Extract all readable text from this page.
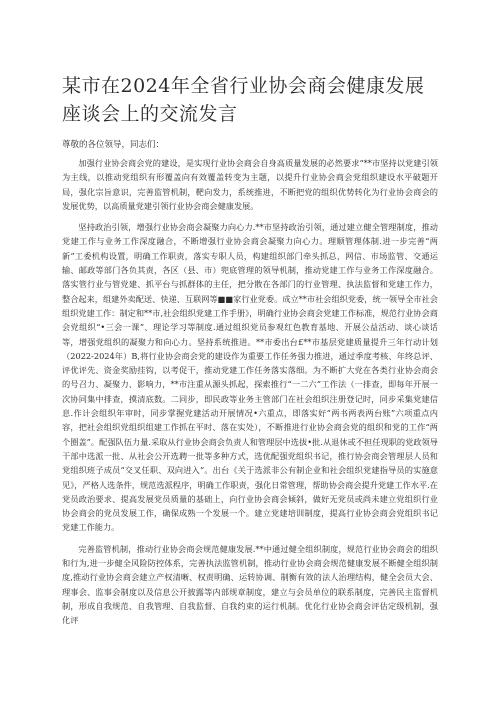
某市在2024年全省行业协会商会健康发展座谈会上的交流发言

尊敬的各位领导，同志们：

加强行业协会商会党的建设，是实现行业协会商会自身高质量发展的必然要求“**市坚持以党建引领为主线，以推动党组织有形覆盖向有效覆盖转变为主题，以提升行业协会商会党组织建设水平破题开局，强化宗旨意识，完善监管机制，靶向发力，系统推进，不断把党的组织优势转化为行业协会商会的发展优势，以高质量党建引领行业协会商会健康发展。

坚持政治引领，增强行业协会商会凝聚力向心力.**市坚持政治引领，通过建立健全管理制度，推动党建工作与业务工作深度融合，不断增强行业协会商会凝聚力向心力。理顺管理体制.进一步完善“两新”工委机构设置，明确工作职责，落实专职人员，构建组织部门牵头抓总，网信、市场监管、交通运输、邮政等部门各负其责，各区（县、市）兜底管理的领导机制，推动党建工作与业务工作深度融合。落实管行业与管党建、抓平台与抓群体的主任，把分散在各部门的行业管理、执法监督和党建工作力，整合起来，组建外卖配送、快递、互联网等■■家行业党委。成立**市社会组织党委，统一领导全市社会组织党建工作：制定和**市,社会组织党建工作手册》，明确行业协会商会党建工作标准，规范行业协会商会党组织“•三会一课”、理论学习等制度.通过组织党员参观红色教育基地、开展公益活动、谈心谈话等，增强党组织的凝聚力和向心力。坚持系统推进。**市委出台£**市基层党建质量提升三年行动计划（2022-2024年）B,将行业协会商会党的建设作为重要工作任务强力推进，通过季度考核、年终总评、评优评先、资金奖励挂钩，以考促干，推动党建工作任务落实落细。为不断扩大党在各类行业协会商会的号召力、凝聚力、影响力，**市注重从源头抓起，探索推行“一二六”工作法（一排查，即每年开展一次协同集中排查，摸清底数。二同步，即民政等业务主管部门在社会组织注册登记时，同步采集党建信息.作计会组织年审时，同步掌握党建活动开展情况•六重点，即落实好“两书两表两台账”六项重点内容，把社会组织党组织组建工作抓在平时、落在实处），不断推进行业协会商会党的组织和党的工作“两个圈盖”。配强队伍力量.采取从行业协会商会负责人和管理层中选拔•批.从退休或不担任现职的党政领导干部中选派一批、从社会公开选聘一批等多种方式，选优配强党组织书记，推行协会商会管理层人员和党组织班子成员“交叉任职、双向进入”。出台《关于选派非公有制企业和社会组织党建指导员的实施意见》，严格人选条件，规范选派程序，明确工作职责，强化日常管理，帮助协会商会提升党建工作水平.在党员政治要求、提高发展党员质量的基础上，向行业协会商会倾斜，做好无党员或尚未建立党组织行业协会商会的党员发展工作，确保成熟一个发展一个。建立党建培训制度，提高行业协会商会党组织书记党建工作能力。

完善监管机制，推动行业协会商会规范健康发展.**中通过健全组织制度，规范行业协会商会的组织和行为,进一步健全风险防控体系，完善执法监管机制，推动行业协会商会规范健康发展不断健全组织制度,推动行业协会商会建立产权清晰、权责明确、运转协调、制衡有效的法人治理结构，健全会员大会、理事会、监事会制度以及信息公开披露等内部规章制度，建立与会员单位的联系制度，完善民主监督机制，形成自我规范、自我管理、自我监督、自我约束的运行机制。优化行业协会商会评估定级机制，强化评
